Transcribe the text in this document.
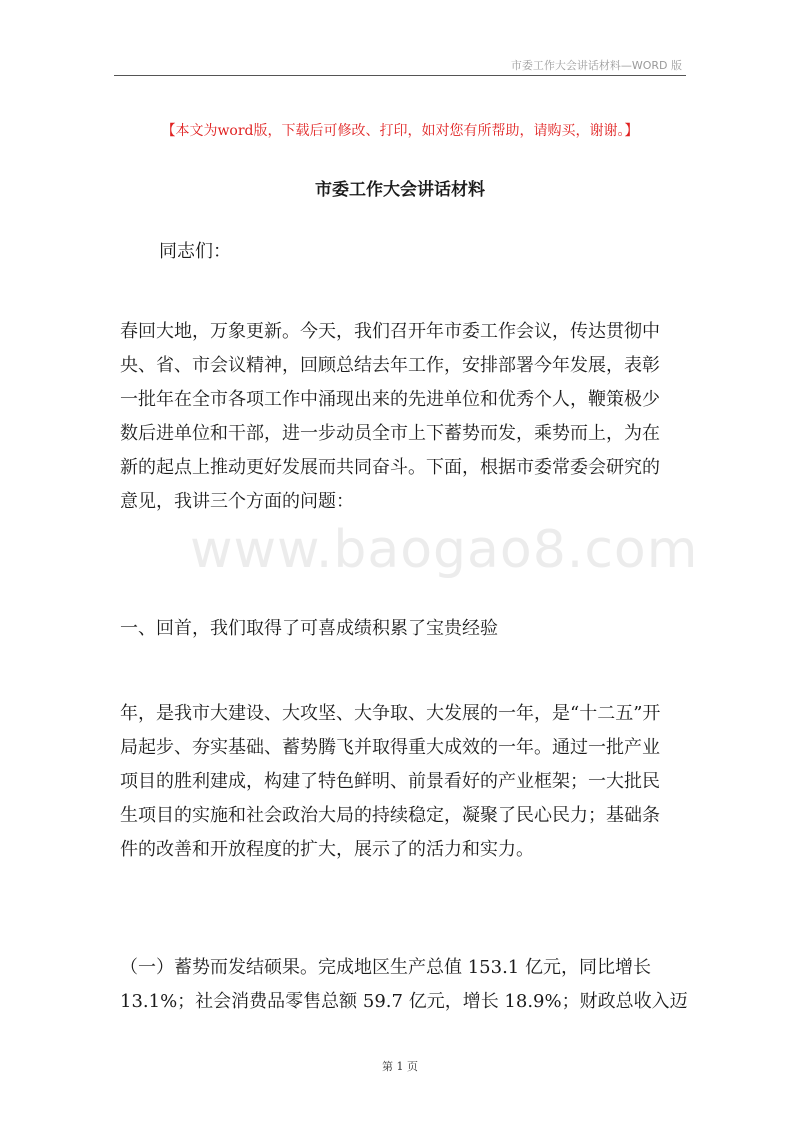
市委工作大会讲话材料—WORD 版
【本文为word版，下载后可修改、打印，如对您有所帮助，请购买，谢谢。】
市委工作大会讲话材料
同志们：
www.baogao8.com

春回大地，万象更新。今天，我们召开年市委工作会议，传达贯彻中
央、省、市会议精神，回顾总结去年工作，安排部署今年发展，表彰
一批年在全市各项工作中涌现出来的先进单位和优秀个人，鞭策极少
数后进单位和干部，进一步动员全市上下蓄势而发，乘势而上，为在
新的起点上推动更好发展而共同奋斗。下面，根据市委常委会研究的
意见，我讲三个方面的问题：

一、回首，我们取得了可喜成绩积累了宝贵经验

年，是我市大建设、大攻坚、大争取、大发展的一年，是“十二五”开
局起步、夯实基础、蓄势腾飞并取得重大成效的一年。通过一批产业
项目的胜利建成，构建了特色鲜明、前景看好的产业框架；一大批民
生项目的实施和社会政治大局的持续稳定，凝聚了民心民力；基础条
件的改善和开放程度的扩大，展示了的活力和实力。

（一）蓄势而发结硕果。完成地区生产总值 153.1 亿元，同比增长
13.1%；社会消费品零售总额 59.7 亿元，增长 18.9%；财政总收入迈

第 1 页
